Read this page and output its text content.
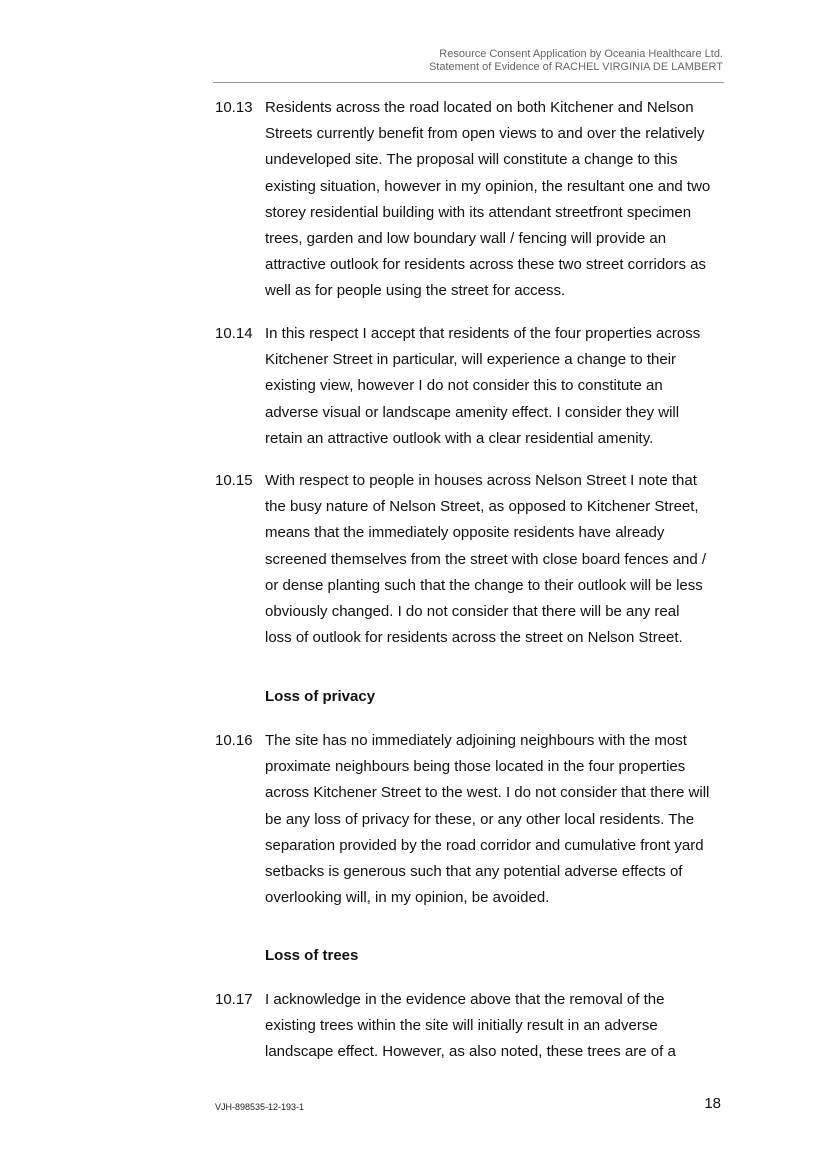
Resource Consent Application by Oceania Healthcare Ltd.
Statement of Evidence of RACHEL VIRGINIA DE LAMBERT
10.13 Residents across the road located on both Kitchener and Nelson
Streets currently benefit from open views to and over the relatively
undeveloped site. The proposal will constitute a change to this
existing situation, however in my opinion, the resultant one and two
storey residential building with its attendant streetfront specimen
trees, garden and low boundary wall / fencing will provide an
attractive outlook for residents across these two street corridors as
well as for people using the street for access.
10.14 In this respect I accept that residents of the four properties across
Kitchener Street in particular, will experience a change to their
existing view, however I do not consider this to constitute an
adverse visual or landscape amenity effect. I consider they will
retain an attractive outlook with a clear residential amenity.
10.15 With respect to people in houses across Nelson Street I note that
the busy nature of Nelson Street, as opposed to Kitchener Street,
means that the immediately opposite residents have already
screened themselves from the street with close board fences and /
or dense planting such that the change to their outlook will be less
obviously changed. I do not consider that there will be any real
loss of outlook for residents across the street on Nelson Street.
Loss of privacy
10.16 The site has no immediately adjoining neighbours with the most
proximate neighbours being those located in the four properties
across Kitchener Street to the west. I do not consider that there will
be any loss of privacy for these, or any other local residents. The
separation provided by the road corridor and cumulative front yard
setbacks is generous such that any potential adverse effects of
overlooking will, in my opinion, be avoided.
Loss of trees
10.17 I acknowledge in the evidence above that the removal of the
existing trees within the site will initially result in an adverse
landscape effect. However, as also noted, these trees are of a
VJH-898535-12-193-1	18
